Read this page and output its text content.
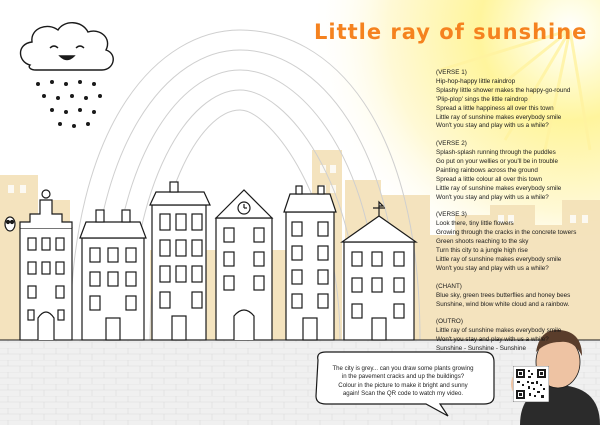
Little ray of sunshine
(VERSE 1)
Hip-hop-happy little raindrop
Splashy little shower makes the happy-go-round
'Plip-plop' sings the little raindrop
Spread a little happiness all over this town
Little ray of sunshine makes everybody smile
Won't you stay and play with us a while?
(VERSE 2)
Splash-splash running through the puddles
Go put on your wellies or you'll be in trouble
Painting rainbows across the ground
Spread a little colour all over this town
Little ray of sunshine makes everybody smile
Won't you stay and play with us a while?
(VERSE 3)
Look there, tiny little flowers
Growing through the cracks in the concrete towers
Green shoots reaching to the sky
Turn this city to a jungle high rise
Little ray of sunshine makes everybody smile
Won't you stay and play with us a while?
(CHANT)
Blue sky, green trees butterflies and honey bees
Sunshine, wind blow white cloud and a rainbow.
(OUTRO)
Little ray of sunshine makes everybody smile
Won't you stay and play with us a while?
Sunshine - Sunshine - Sunshine
The city is grey... can you draw some plants growing
in the pavement cracks and up the buildings?
Colour in the picture to make it bright and sunny
again! Scan the QR code to watch my video.
